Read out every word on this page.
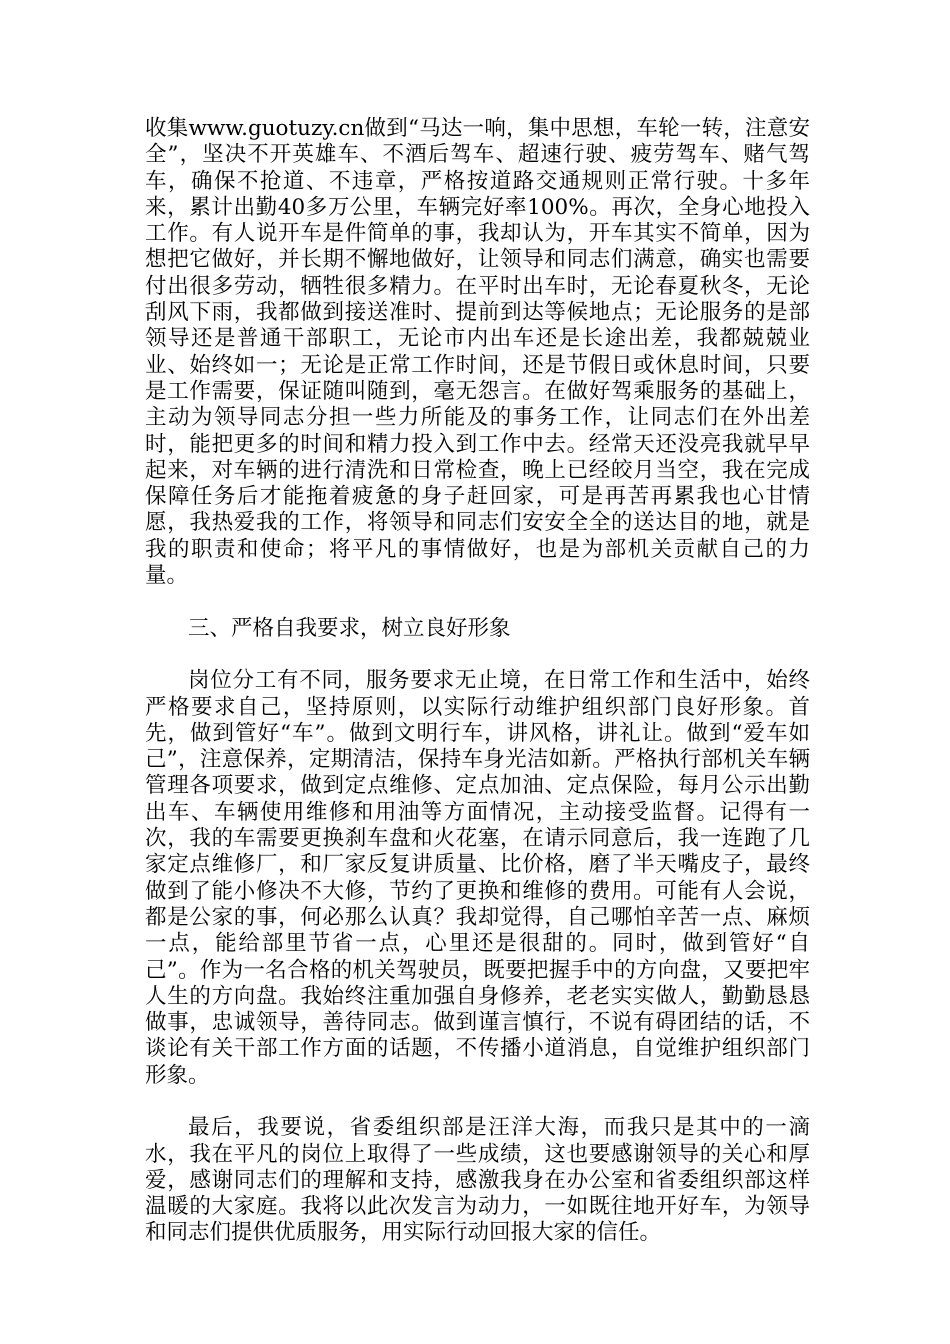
收集www.guotuzy.cn做到“马达一响，集中思想，车轮一转，注意安全”，坚决不开英雄车、不酒后驾车、超速行驶、疲劳驾车、赌气驾车，确保不抢道、不违章，严格按道路交通规则正常行驶。十多年来，累计出勤40多万公里，车辆完好率100%。再次，全身心地投入工作。有人说开车是件简单的事，我却认为，开车其实不简单，因为想把它做好，并长期不懈地做好，让领导和同志们满意，确实也需要付出很多劳动，牺牲很多精力。在平时出车时，无论春夏秋冬，无论刮风下雨，我都做到接送准时、提前到达等候地点；无论服务的是部领导还是普通干部职工，无论市内出车还是长途出差，我都兢兢业业、始终如一；无论是正常工作时间，还是节假日或休息时间，只要是工作需要，保证随叫随到，毫无怨言。在做好驾乘服务的基础上，主动为领导同志分担一些力所能及的事务工作，让同志们在外出差时，能把更多的时间和精力投入到工作中去。经常天还没亮我就早早起来，对车辆的进行清洗和日常检查，晚上已经皎月当空，我在完成保障任务后才能拖着疲惫的身子赶回家，可是再苦再累我也心甘情愿，我热爱我的工作，将领导和同志们安安全全的送达目的地，就是我的职责和使命；将平凡的事情做好，也是为部机关贡献自己的力量。

三、严格自我要求，树立良好形象

岗位分工有不同，服务要求无止境，在日常工作和生活中，始终严格要求自己，坚持原则，以实际行动维护组织部门良好形象。首先，做到管好“车”。做到文明行车，讲风格，讲礼让。做到“爱车如己”，注意保养，定期清洁，保持车身光洁如新。严格执行部机关车辆管理各项要求，做到定点维修、定点加油、定点保险，每月公示出勤出车、车辆使用维修和用油等方面情况，主动接受监督。记得有一次，我的车需要更换刹车盘和火花塞，在请示同意后，我一连跑了几家定点维修厂，和厂家反复讲质量、比价格，磨了半天嘴皮子，最终做到了能小修决不大修，节约了更换和维修的费用。可能有人会说，都是公家的事，何必那么认真？我却觉得，自己哪怕辛苦一点、麻烦一点，能给部里节省一点，心里还是很甜的。同时，做到管好“自己”。作为一名合格的机关驾驶员，既要把握手中的方向盘，又要把牢人生的方向盘。我始终注重加强自身修养，老老实实做人，勤勤恳恳做事，忠诚领导，善待同志。做到谨言慎行，不说有碍团结的话，不谈论有关干部工作方面的话题，不传播小道消息，自觉维护组织部门形象。

最后，我要说，省委组织部是汪洋大海，而我只是其中的一滴水，我在平凡的岗位上取得了一些成绩，这也要感谢领导的关心和厚爱，感谢同志们的理解和支持，感激我身在办公室和省委组织部这样温暖的大家庭。我将以此次发言为动力，一如既往地开好车，为领导和同志们提供优质服务，用实际行动回报大家的信任。
